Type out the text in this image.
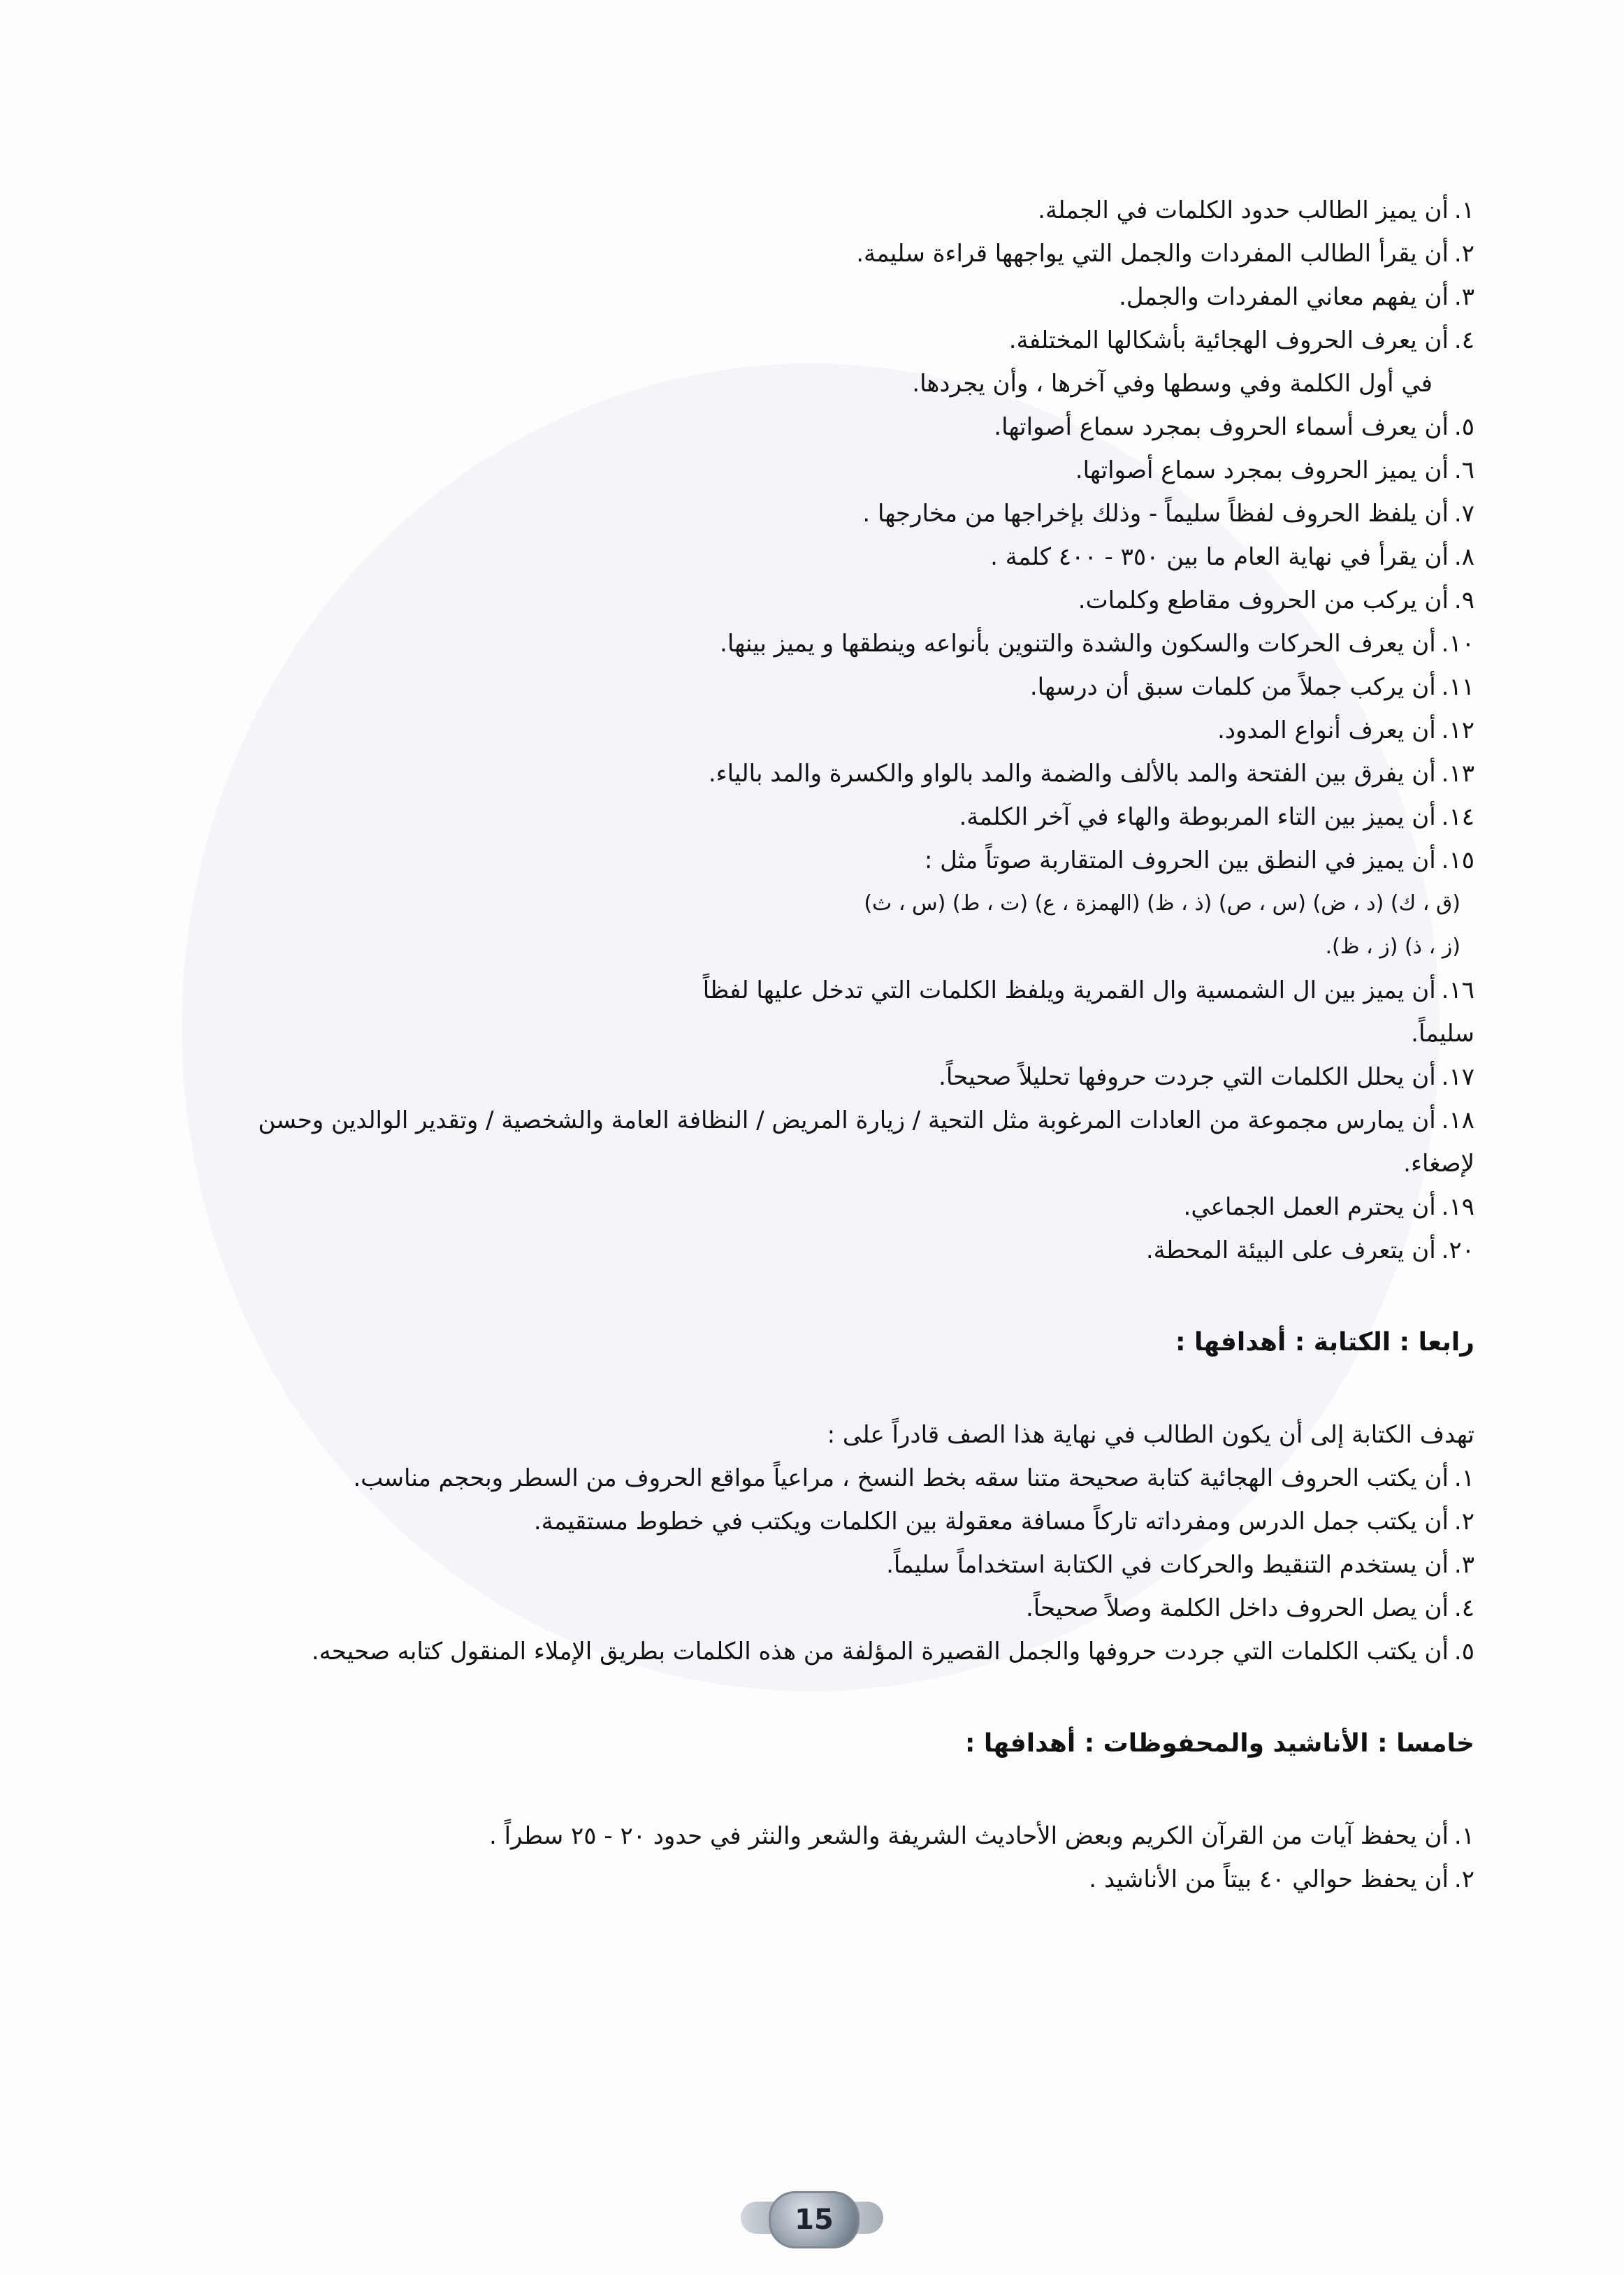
١.أن يميز الطالب حدود الكلمات في الجملة.
٢.أن يقرأ الطالب المفردات والجمل التي يواجهها قراءة سليمة.
٣.أن يفهم معاني المفردات والجمل.
٤.أن يعرف الحروف الهجائية بأشكالها المختلفة.
في أول الكلمة وفي وسطها وفي آخرها ، وأن يجردها.
٥.أن يعرف أسماء الحروف بمجرد سماع أصواتها.
٦.أن يميز الحروف بمجرد سماع أصواتها.
٧.أن يلفظ الحروف لفظاً سليماً - وذلك بإخراجها من مخارجها .
٨.أن يقرأ في نهاية العام ما بين ٣٥٠ - ٤٠٠ كلمة .
٩.أن يركب من الحروف مقاطع وكلمات.
١٠.أن يعرف الحركات والسكون والشدة والتنوين بأنواعه وينطقها و يميز بينها.
١١.أن يركب جملاً من كلمات سبق أن درسها.
١٢.أن يعرف أنواع المدود.
١٣.أن يفرق بين الفتحة والمد بالألف والضمة والمد بالواو والكسرة والمد بالياء.
١٤.أن يميز بين التاء المربوطة والهاء في آخر الكلمة.
١٥.أن يميز في النطق بين الحروف المتقاربة صوتاً مثل :
(ق ، ك) (د ، ض) (س ، ص) (ذ ، ظ) (الهمزة ، ع) (ت ، ط) (س ، ث)
(ز ، ذ) (ز ، ظ).
١٦.أن يميز بين ال الشمسية وال القمرية ويلفظ الكلمات التي تدخل عليها لفظاً
سليماً.
١٧.أن يحلل الكلمات التي جردت حروفها تحليلاً صحيحاً.
١٨.أن يمارس مجموعة من العادات المرغوبة مثل التحية / زيارة المريض / النظافة العامة والشخصية / وتقدير الوالدين وحسن
لإصغاء.
١٩.أن يحترم العمل الجماعي.
٢٠.أن يتعرف على البيئة المحطة.
رابعا : الكتابة : أهدافها :
تهدف الكتابة إلى أن يكون الطالب في نهاية هذا الصف قادراً على :
١.أن يكتب الحروف الهجائية كتابة صحيحة متنا سقه بخط النسخ ، مراعياً مواقع الحروف من السطر وبحجم مناسب.
٢.أن يكتب جمل الدرس ومفرداته تاركاً مسافة معقولة بين الكلمات ويكتب في خطوط مستقيمة.
٣.أن يستخدم التنقيط والحركات في الكتابة استخداماً سليماً.
٤.أن يصل الحروف داخل الكلمة وصلاً صحيحاً.
٥.أن يكتب الكلمات التي جردت حروفها والجمل القصيرة المؤلفة من هذه الكلمات بطريق الإملاء المنقول كتابه صحيحه.
خامسا : الأناشيد والمحفوظات : أهدافها :
١.أن يحفظ آيات من القرآن الكريم وبعض الأحاديث الشريفة والشعر والنثر في حدود ٢٠ - ٢٥ سطراً .
٢.أن يحفظ حوالي ٤٠ بيتاً من الأناشيد .
15
